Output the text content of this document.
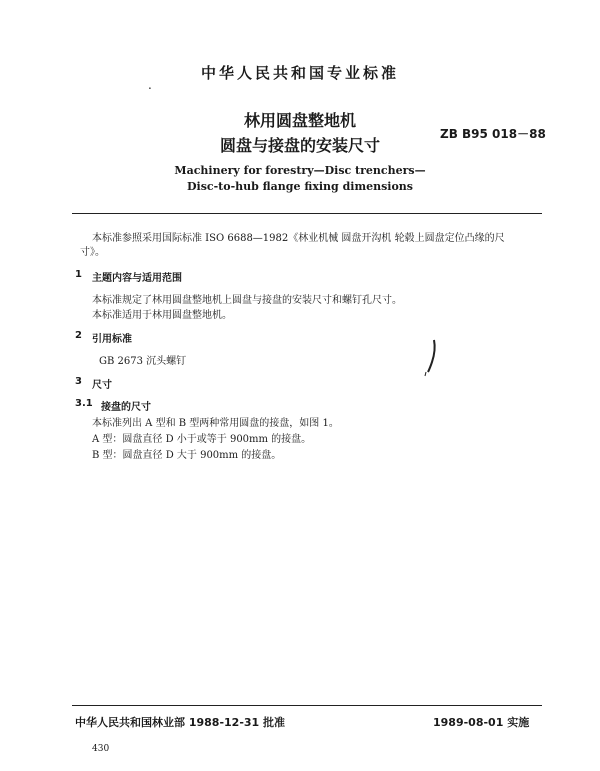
.
中华人民共和国专业标准
林用圆盘整地机
圆盘与接盘的安装尺寸
ZB B95 018－88
Machinery for forestry—Disc trenchers—
Disc-to-hub flange fixing dimensions
本标准参照采用国际标准 ISO 6688—1982《林业机械 圆盘开沟机 轮毂上圆盘定位凸缘的尺
寸》。
1 主题内容与适用范围
本标准规定了林用圆盘整地机上圆盘与接盘的安装尺寸和螺钉孔尺寸。
本标准适用于林用圆盘整地机。
2 引用标准
GB 2673 沉头螺钉
3 尺寸
3.1 接盘的尺寸
本标准列出 A 型和 B 型两种常用圆盘的接盘，如图 1。
A 型：圆盘直径 D 小于或等于 900mm 的接盘。
B 型：圆盘直径 D 大于 900mm 的接盘。
中华人民共和国林业部 1988-12-31 批准	1989-08-01 实施
430
